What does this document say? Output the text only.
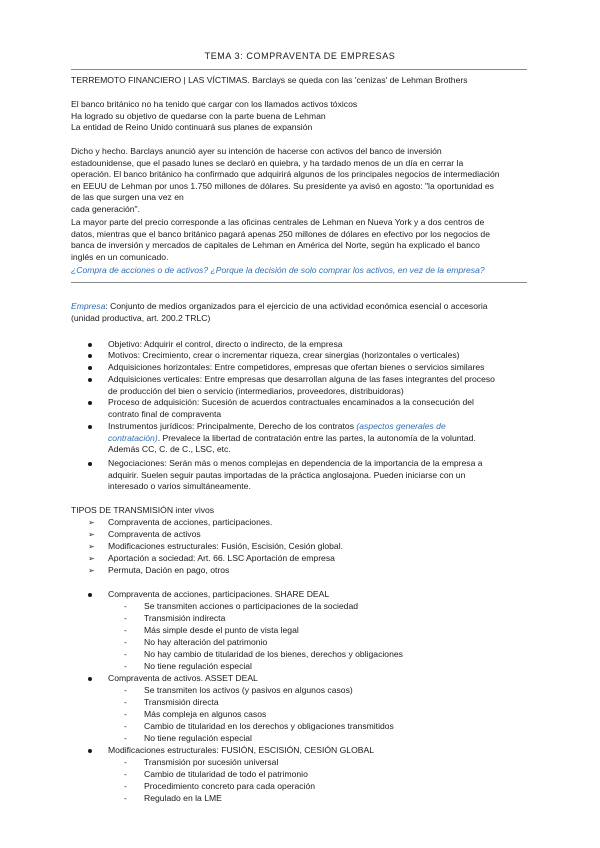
TEMA 3: COMPRAVENTA DE EMPRESAS
TERREMOTO FINANCIERO | LAS VÍCTIMAS. Barclays se queda con las 'cenizas' de Lehman Brothers
El banco británico no ha tenido que cargar con los llamados activos tóxicos
Ha logrado su objetivo de quedarse con la parte buena de Lehman
La entidad de Reino Unido continuará sus planes de expansión
Dicho y hecho. Barclays anunció ayer su intención de hacerse con activos del banco de inversión
estadounidense, que el pasado lunes se declaró en quiebra, y ha tardado menos de un día en cerrar la
operación. El banco británico ha confirmado que adquirirá algunos de los principales negocios de intermediación
en EEUU de Lehman por unos 1.750 millones de dólares. Su presidente ya avisó en agosto: "la oportunidad es
de las que surgen una vez en
cada generación".
La mayor parte del precio corresponde a las oficinas centrales de Lehman en Nueva York y a dos centros de
datos, mientras que el banco británico pagará apenas 250 millones de dólares en efectivo por los negocios de
banca de inversión y mercados de capitales de Lehman en América del Norte, según ha explicado el banco
inglés en un comunicado.
¿Compra de acciones o de activos? ¿Porque la decisión de solo comprar los activos, en vez de la empresa?
Empresa: Conjunto de medios organizados para el ejercicio de una actividad económica esencial o accesoria
(unidad productiva, art. 200.2 TRLC)
Objetivo: Adquirir el control, directo o indirecto, de la empresa
Motivos: Crecimiento, crear o incrementar riqueza, crear sinergias (horizontales o verticales)
Adquisiciones horizontales: Entre competidores, empresas que ofertan bienes o servicios similares
Adquisiciones verticales: Entre empresas que desarrollan alguna de las fases integrantes del proceso
de producción del bien o servicio (intermediarios, proveedores, distribuidoras)
Proceso de adquisición: Sucesión de acuerdos contractuales encaminados a la consecución del
contrato final de compraventa
Instrumentos jurídicos: Principalmente, Derecho de los contratos (aspectos generales de
contratación). Prevalece la libertad de contratación entre las partes, la autonomía de la voluntad.
Además CC, C. de C., LSC, etc.
Negociaciones: Serán más o menos complejas en dependencia de la importancia de la empresa a
adquirir. Suelen seguir pautas importadas de la práctica anglosajona. Pueden iniciarse con un
interesado o varios simultáneamente.
TIPOS DE TRANSMISIÓN inter vivos
➢ Compraventa de acciones, participaciones.
➢ Compraventa de activos
➢ Modificaciones estructurales: Fusión, Escisión, Cesión global.
➢ Aportación a sociedad: Art. 66. LSC Aportación de empresa
➢ Permuta, Dación en pago, otros
Compraventa de acciones, participaciones. SHARE DEAL
- Se transmiten acciones o participaciones de la sociedad
- Transmisión indirecta
- Más simple desde el punto de vista legal
- No hay alteración del patrimonio
- No hay cambio de titularidad de los bienes, derechos y obligaciones
- No tiene regulación especial
Compraventa de activos. ASSET DEAL
- Se transmiten los activos (y pasivos en algunos casos)
- Transmisión directa
- Más compleja en algunos casos
- Cambio de titularidad en los derechos y obligaciones transmitidos
- No tiene regulación especial
Modificaciones estructurales: FUSIÓN, ESCISIÓN, CESIÓN GLOBAL
- Transmisión por sucesión universal
- Cambio de titularidad de todo el patrimonio
- Procedimiento concreto para cada operación
- Regulado en la LME
